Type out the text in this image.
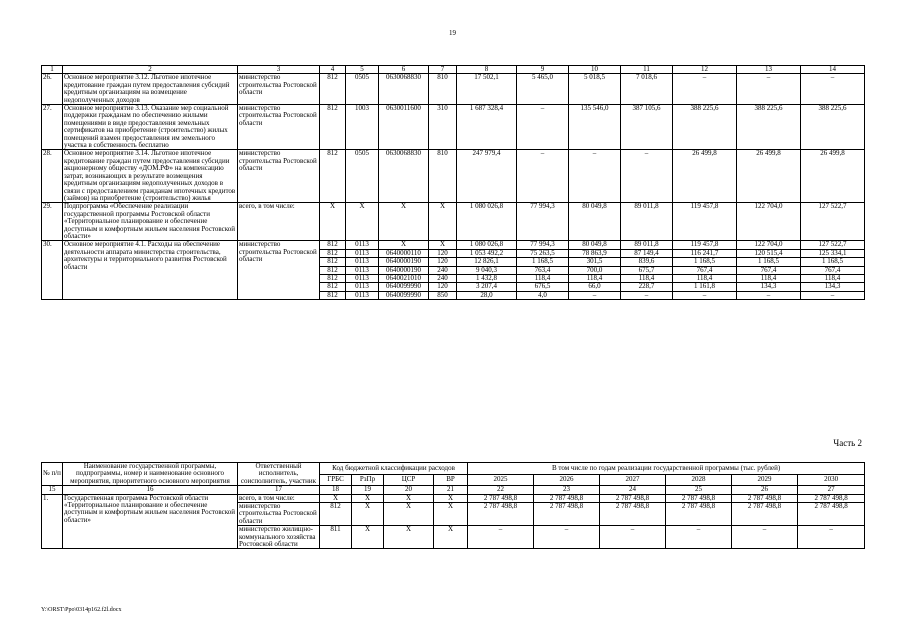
19
1	2	3	4	5	6	7	8	9	10	11	12	13	14
26.	Основное мероприятие 3.12. Льготное ипотечное кредитование граждан путем предоставления субсидий кредитным организациям на возмещение недополученных доходов	министерство строительства Ростовской области	812	0505	0630068830	810	17 502,1	5 465,0	5 018,5	7 018,6	–	–	–
27.	Основное мероприятие 3.13. Оказание мер социальной поддержки гражданам по обеспечению жилыми помещениями в виде предоставления земельных сертификатов на приобретение (строительство) жилых помещений взамен предоставления им земельного участка в собственность бесплатно	министерство строительства Ростовской области	812	1003	0630011600	310	1 687 328,4	–	135 546,0	387 105,6	388 225,6	388 225,6	388 225,6
28.	Основное мероприятие 3.14. Льготное ипотечное кредитование граждан путем предоставления субсидии акционерному обществу «ДОМ.РФ» на компенсацию затрат, возникающих в результате возмещения кредитным организациям недополученных доходов в связи с предоставлением гражданам ипотечных кредитов (займов) на приобретение (строительство) жилья	министерство строительства Ростовской области	812	0505	0630068830	810	247 979,4	–	–	–	26 499,8	26 499,8	26 499,8
29.	Подпрограмма «Обеспечение реализации государственной программы Ростовской области «Территориальное планирование и обеспечение доступным и комфортным жильем населения Ростовской области»	всего, в том числе:	X	X	X	X	1 080 026,8	77 994,3	80 049,8	89 011,8	119 457,8	122 704,0	127 522,7
30.	Основное мероприятие 4.1. Расходы на обеспечение деятельности аппарата министерства строительства, архитектуры и территориального развития Ростовской области	министерство строительства Ростовской области	812	0113	X	X	1 080 026,8	77 994,3	80 049,8	89 011,8	119 457,8	122 704,0	127 522,7
			812	0113	0640000110	120	1 053 492,2	75 263,5	78 863,9	87 149,4	116 241,7	120 515,4	125 334,1
			812	0113	0640000190	120	12 826,1	1 168,5	301,5	839,6	1 168,5	1 168,5	1 168,5
			812	0113	0640000190	240	9 040,3	763,4	700,0	675,7	767,4	767,4	767,4
			812	0113	0640021010	240	1 432,8	118,4	118,4	118,4	118,4	118,4	118,4
			812	0113	0640099990	120	3 207,4	676,5	66,0	228,7	1 161,8	134,3	134,3
			812	0113	0640099990	850	28,0	4,0	–	–	–	–	–
Часть 2
№ п/п	Наименование государственной программы, подпрограммы, номер и наименование основного мероприятия, приоритетного основного мероприятия	Ответственный исполнитель, соисполнитель, участник	Код бюджетной классификации расходов				В том числе по годам реализации государственной программы (тыс. рублей)					
			ГРБС	РзПр	ЦСР	ВР	2025	2026	2027	2028	2029	2030
15	16	17	18	19	20	21	22	23	24	25	26	27
1.	Государственная программа Ростовской области «Территориальное планирование и обеспечение доступным и комфортным жильем населения Ростовской области»	всего, в том числе:	X	X	X	X	2 787 498,8	2 787 498,8	2 787 498,8	2 787 498,8	2 787 498,8	2 787 498,8
		министерство строительства Ростовской области	812	X	X	X	2 787 498,8	2 787 498,8	2 787 498,8	2 787 498,8	2 787 498,8	2 787 498,8
		министерство жилищно-коммунального хозяйства Ростовской области	811	X	X	X	–	–	–	–	–	–
Y:\ORST\Ppo\0314p162.f2l.docx
